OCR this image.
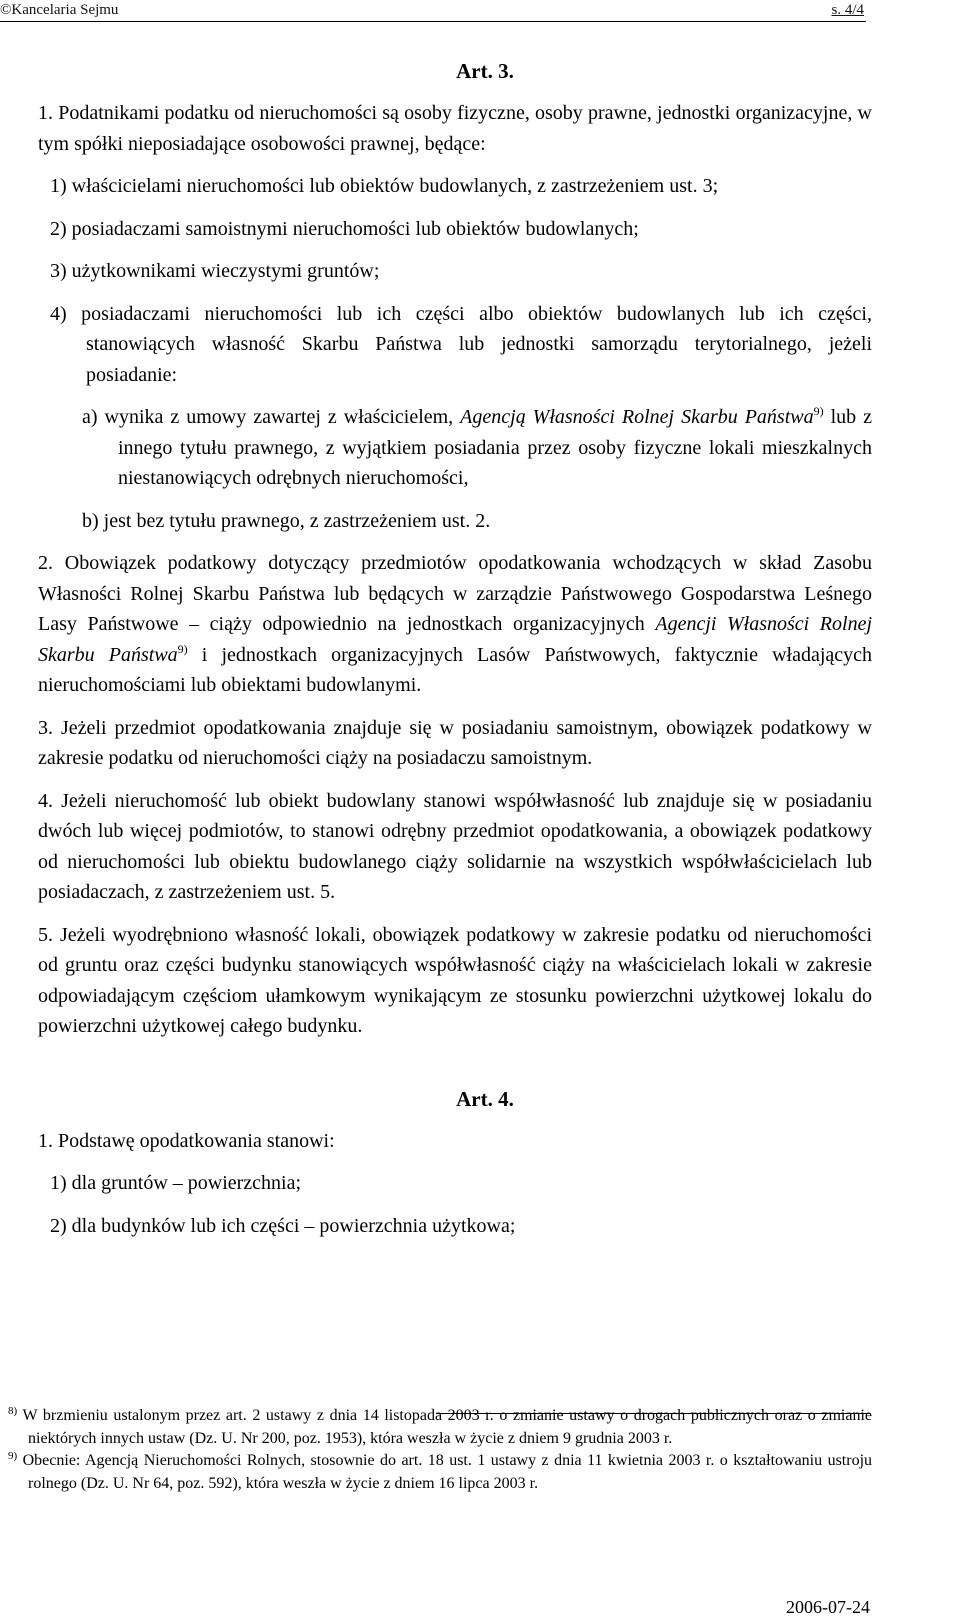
©Kancelaria Sejmu	s. 4/4

Art. 3.

1. Podatnikami podatku od nieruchomości są osoby fizyczne, osoby prawne, jednostki organizacyjne, w tym spółki nieposiadające osobowości prawnej, będące:

1) właścicielami nieruchomości lub obiektów budowlanych, z zastrzeżeniem ust. 3;

2) posiadaczami samoistnymi nieruchomości lub obiektów budowlanych;

3) użytkownikami wieczystymi gruntów;

4) posiadaczami nieruchomości lub ich części albo obiektów budowlanych lub ich części, stanowiących własność Skarbu Państwa lub jednostki samorządu terytorialnego, jeżeli posiadanie:

a) wynika z umowy zawartej z właścicielem, Agencją Własności Rolnej Skarbu Państwa$^{9)}$ lub z innego tytułu prawnego, z wyjątkiem posiadania przez osoby fizyczne lokali mieszkalnych niestanowiących odrębnych nieruchomości,

b) jest bez tytułu prawnego, z zastrzeżeniem ust. 2.

2. Obowiązek podatkowy dotyczący przedmiotów opodatkowania wchodzących w skład Zasobu Własności Rolnej Skarbu Państwa lub będących w zarządzie Państwowego Gospodarstwa Leśnego Lasy Państwowe – ciąży odpowiednio na jednostkach organizacyjnych Agencji Własności Rolnej Skarbu Państwa$^{9)}$ i jednostkach organizacyjnych Lasów Państwowych, faktycznie władających nieruchomościami lub obiektami budowlanymi.

3. Jeżeli przedmiot opodatkowania znajduje się w posiadaniu samoistnym, obowiązek podatkowy w zakresie podatku od nieruchomości ciąży na posiadaczu samoistnym.

4. Jeżeli nieruchomość lub obiekt budowlany stanowi współwłasność lub znajduje się w posiadaniu dwóch lub więcej podmiotów, to stanowi odrębny przedmiot opodatkowania, a obowiązek podatkowy od nieruchomości lub obiektu budowlanego ciąży solidarnie na wszystkich współwłaścicielach lub posiadaczach, z zastrzeżeniem ust. 5.

5. Jeżeli wyodrębniono własność lokali, obowiązek podatkowy w zakresie podatku od nieruchomości od gruntu oraz części budynku stanowiących współwłasność ciąży na właścicielach lokali w zakresie odpowiadającym częściom ułamkowym wynikającym ze stosunku powierzchni użytkowej lokalu do powierzchni użytkowej całego budynku.

Art. 4.

1. Podstawę opodatkowania stanowi:

1) dla gruntów – powierzchnia;

2) dla budynków lub ich części – powierzchnia użytkowa;

$^{8)}$ W brzmieniu ustalonym przez art. 2 ustawy z dnia 14 listopada 2003 r. o zmianie ustawy o drogach publicznych oraz o zmianie niektórych innych ustaw (Dz. U. Nr 200, poz. 1953), która weszła w życie z dniem 9 grudnia 2003 r.

$^{9)}$ Obecnie: Agencją Nieruchomości Rolnych, stosownie do art. 18 ust. 1 ustawy z dnia 11 kwietnia 2003 r. o kształtowaniu ustroju rolnego (Dz. U. Nr 64, poz. 592), która weszła w życie z dniem 16 lipca 2003 r.

2006-07-24
